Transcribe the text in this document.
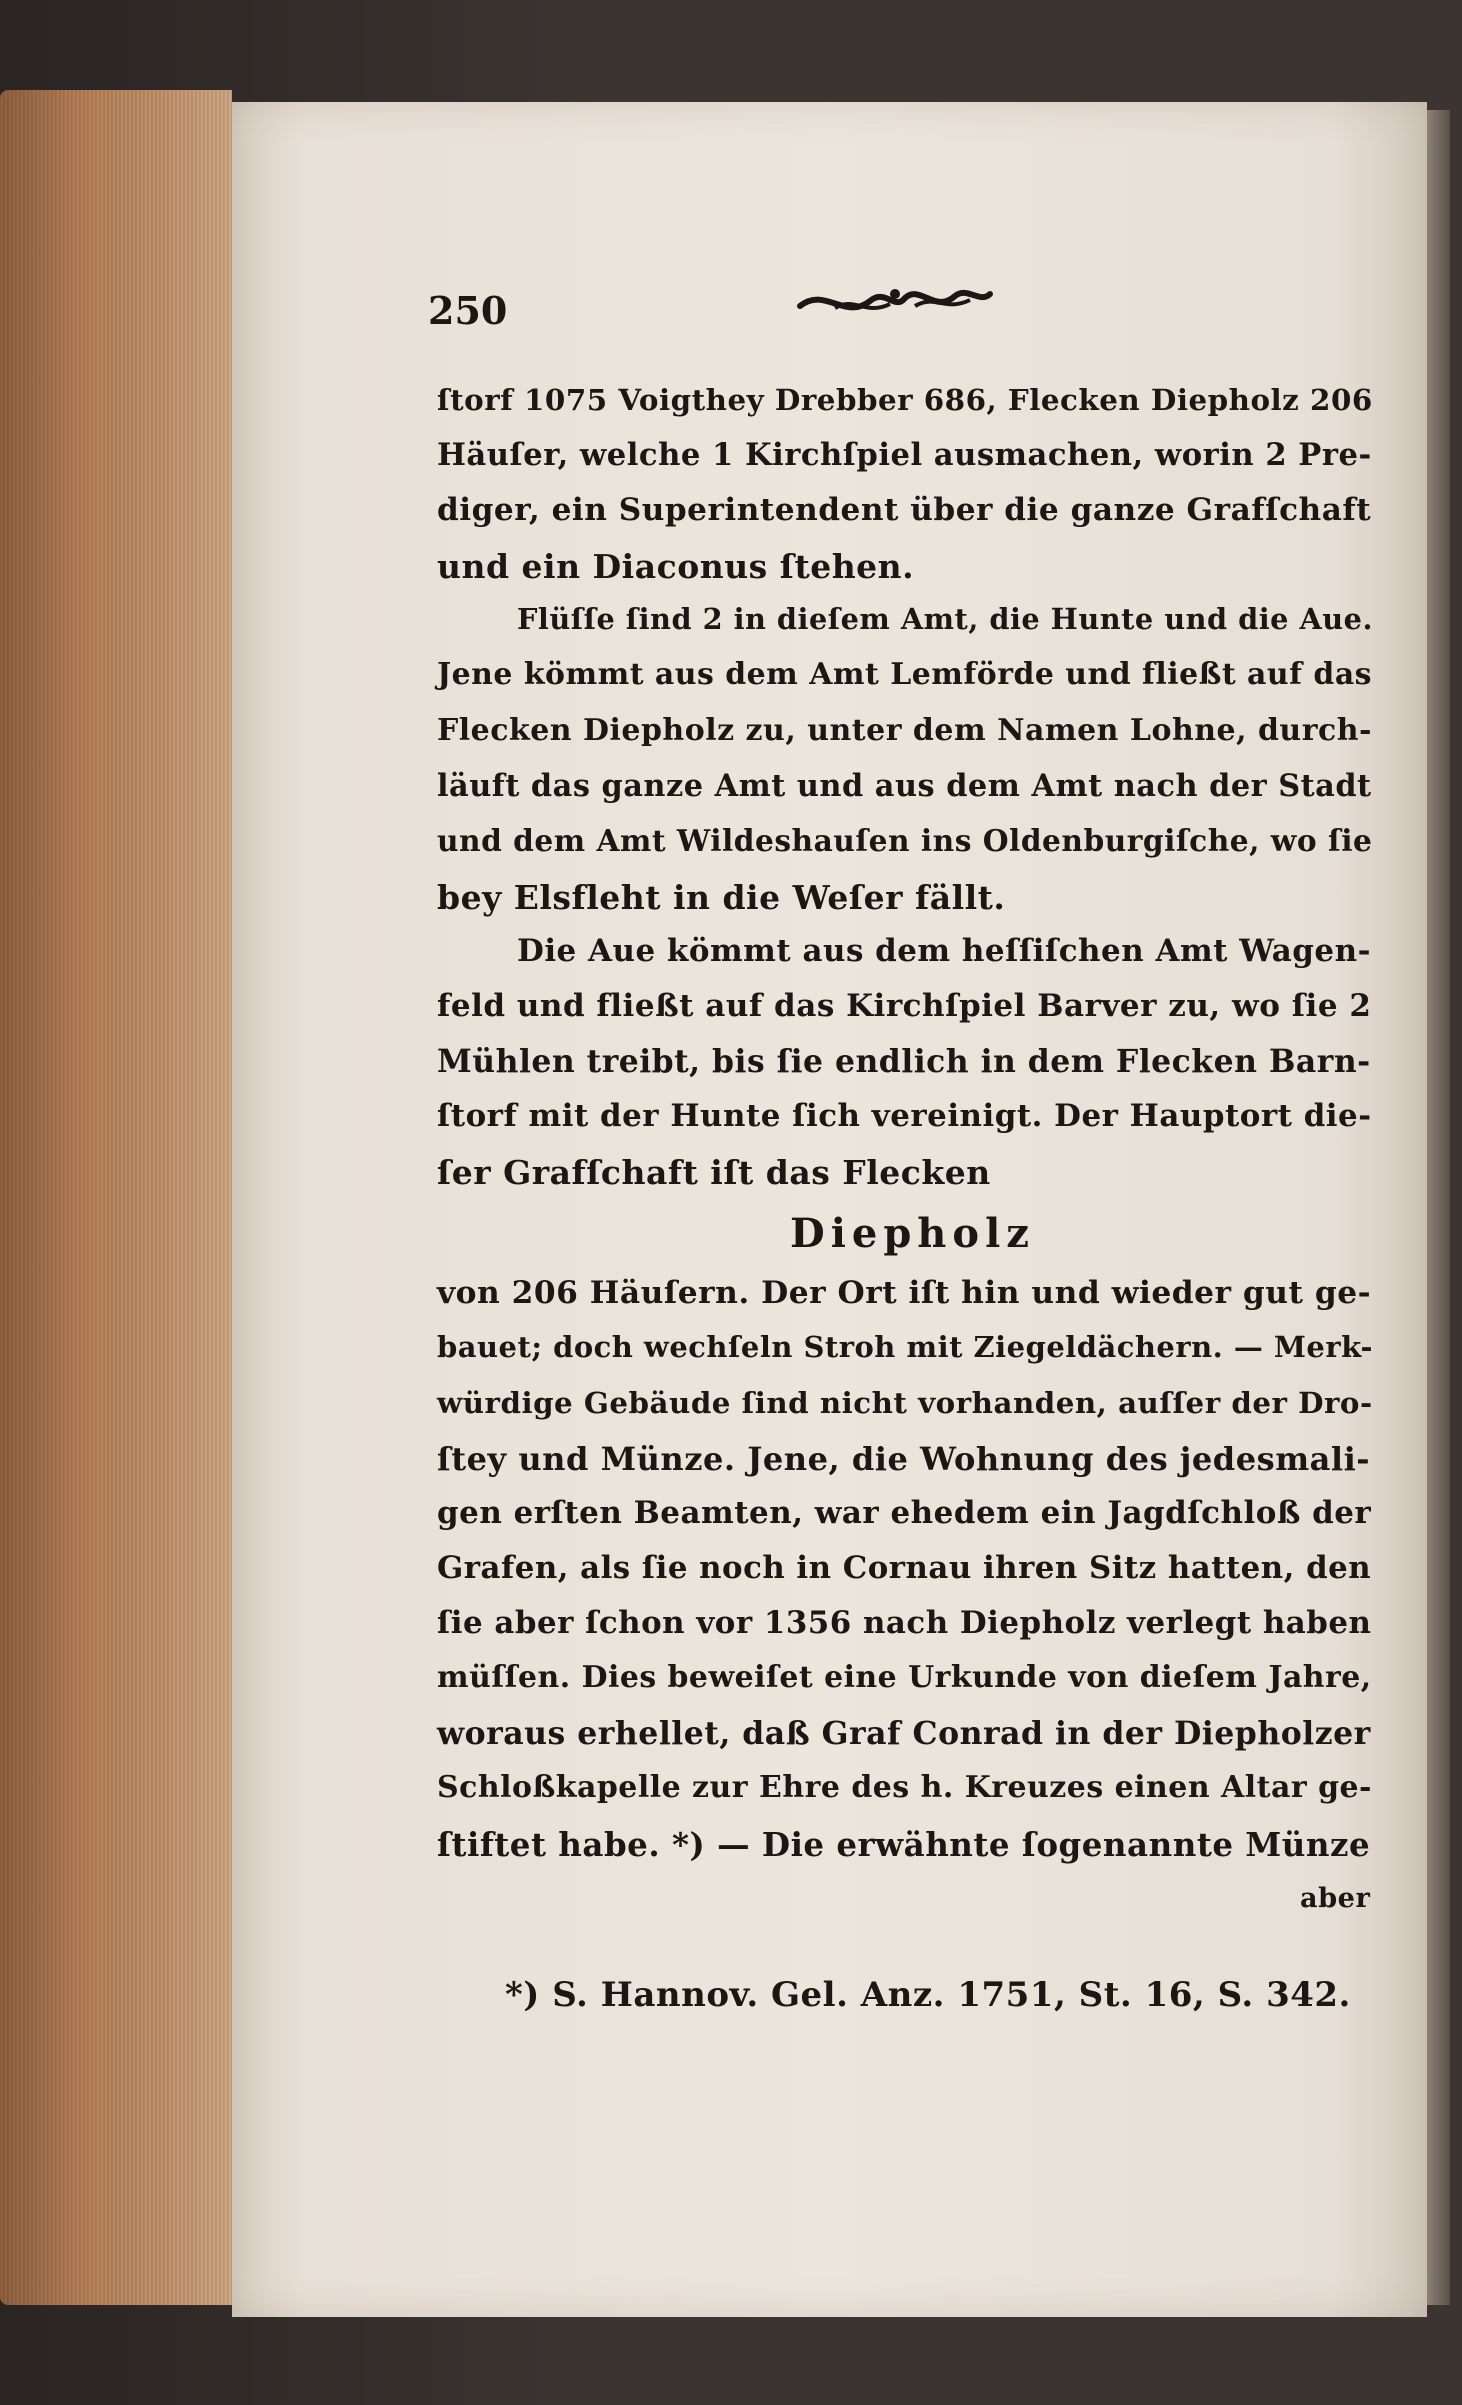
250
ſtorf 1075 Voigthey Drebber 686, Flecken Diepholz 206
Häuſer, welche 1 Kirchſpiel ausmachen, worin 2 Pre-
diger, ein Superintendent über die ganze Grafſchaft
und ein Diaconus ſtehen.
Flüſſe ſind 2 in dieſem Amt, die Hunte und die Aue.
Jene kömmt aus dem Amt Lemförde und fließt auf das
Flecken Diepholz zu, unter dem Namen Lohne, durch-
läuft das ganze Amt und aus dem Amt nach der Stadt
und dem Amt Wildeshauſen ins Oldenburgiſche, wo ſie
bey Elsfleht in die Weſer fällt.
Die Aue kömmt aus dem heſſiſchen Amt Wagen-
feld und fließt auf das Kirchſpiel Barver zu, wo ſie 2
Mühlen treibt, bis ſie endlich in dem Flecken Barn-
ſtorf mit der Hunte ſich vereinigt. Der Hauptort die-
ſer Grafſchaft iſt das Flecken
Diepholz
von 206 Häuſern. Der Ort iſt hin und wieder gut ge-
bauet; doch wechſeln Stroh mit Ziegeldächern. — Merk-
würdige Gebäude ſind nicht vorhanden, auſſer der Dro-
ſtey und Münze. Jene, die Wohnung des jedesmali-
gen erſten Beamten, war ehedem ein Jagdſchloß der
Grafen, als ſie noch in Cornau ihren Sitz hatten, den
ſie aber ſchon vor 1356 nach Diepholz verlegt haben
müſſen. Dies beweiſet eine Urkunde von dieſem Jahre,
woraus erhellet, daß Graf Conrad in der Diepholzer
Schloßkapelle zur Ehre des h. Kreuzes einen Altar ge-
ſtiftet habe. *) — Die erwähnte ſogenannte Münze
aber
*) S. Hannov. Gel. Anz. 1751, St. 16, S. 342.
